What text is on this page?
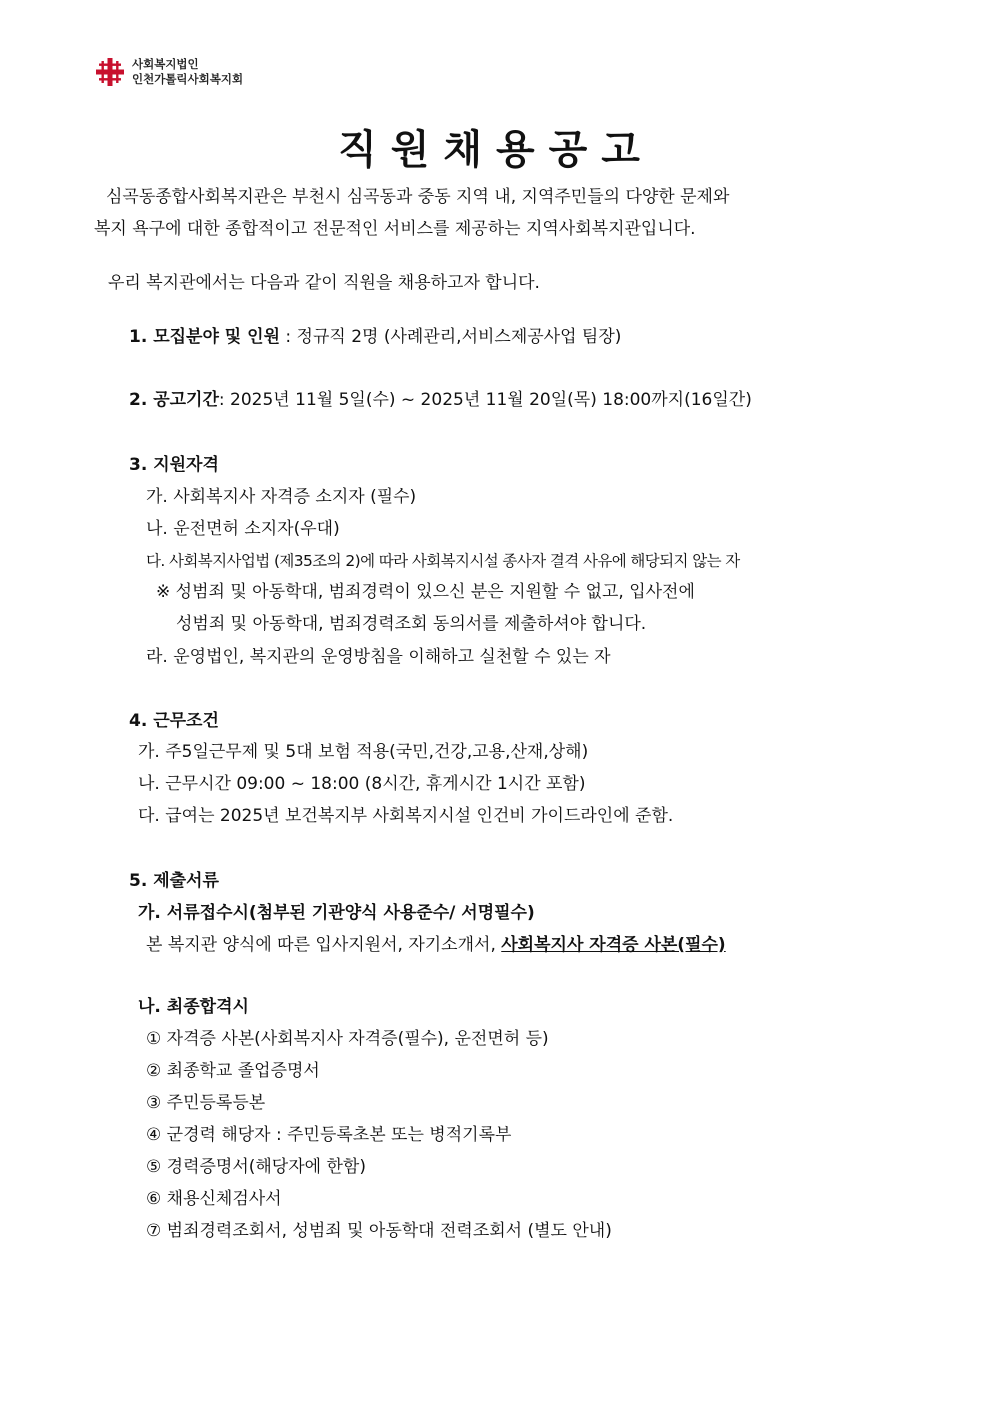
사회복지법인
인천가톨릭사회복지회
직원채용공고
심곡동종합사회복지관은 부천시 심곡동과 중동 지역 내, 지역주민들의 다양한 문제와
복지 욕구에 대한 종합적이고 전문적인 서비스를 제공하는 지역사회복지관입니다.
우리 복지관에서는 다음과 같이 직원을 채용하고자 합니다.
1. 모집분야 및 인원 : 정규직 2명 (사례관리,서비스제공사업 팀장)
2. 공고기간: 2025년 11월 5일(수) ~ 2025년 11월 20일(목) 18:00까지(16일간)
3. 지원자격
가. 사회복지사 자격증 소지자 (필수)
나. 운전면허 소지자(우대)
다. 사회복지사업법 (제35조의 2)에 따라 사회복지시설 종사자 결격 사유에 해당되지 않는 자
※ 성범죄 및 아동학대, 범죄경력이 있으신 분은 지원할 수 없고, 입사전에
성범죄 및 아동학대, 범죄경력조회 동의서를 제출하셔야 합니다.
라. 운영법인, 복지관의 운영방침을 이해하고 실천할 수 있는 자
4. 근무조건
가. 주5일근무제 및 5대 보험 적용(국민,건강,고용,산재,상해)
나. 근무시간 09:00 ~ 18:00 (8시간, 휴게시간 1시간 포함)
다. 급여는 2025년 보건복지부 사회복지시설 인건비 가이드라인에 준함.
5. 제출서류
가. 서류접수시(첨부된 기관양식 사용준수/ 서명필수)
본 복지관 양식에 따른 입사지원서, 자기소개서, 사회복지사 자격증 사본(필수)
나. 최종합격시
① 자격증 사본(사회복지사 자격증(필수), 운전면허 등)
② 최종학교 졸업증명서
③ 주민등록등본
④ 군경력 해당자 : 주민등록초본 또는 병적기록부
⑤ 경력증명서(해당자에 한함)
⑥ 채용신체검사서
⑦ 범죄경력조회서, 성범죄 및 아동학대 전력조회서 (별도 안내)
